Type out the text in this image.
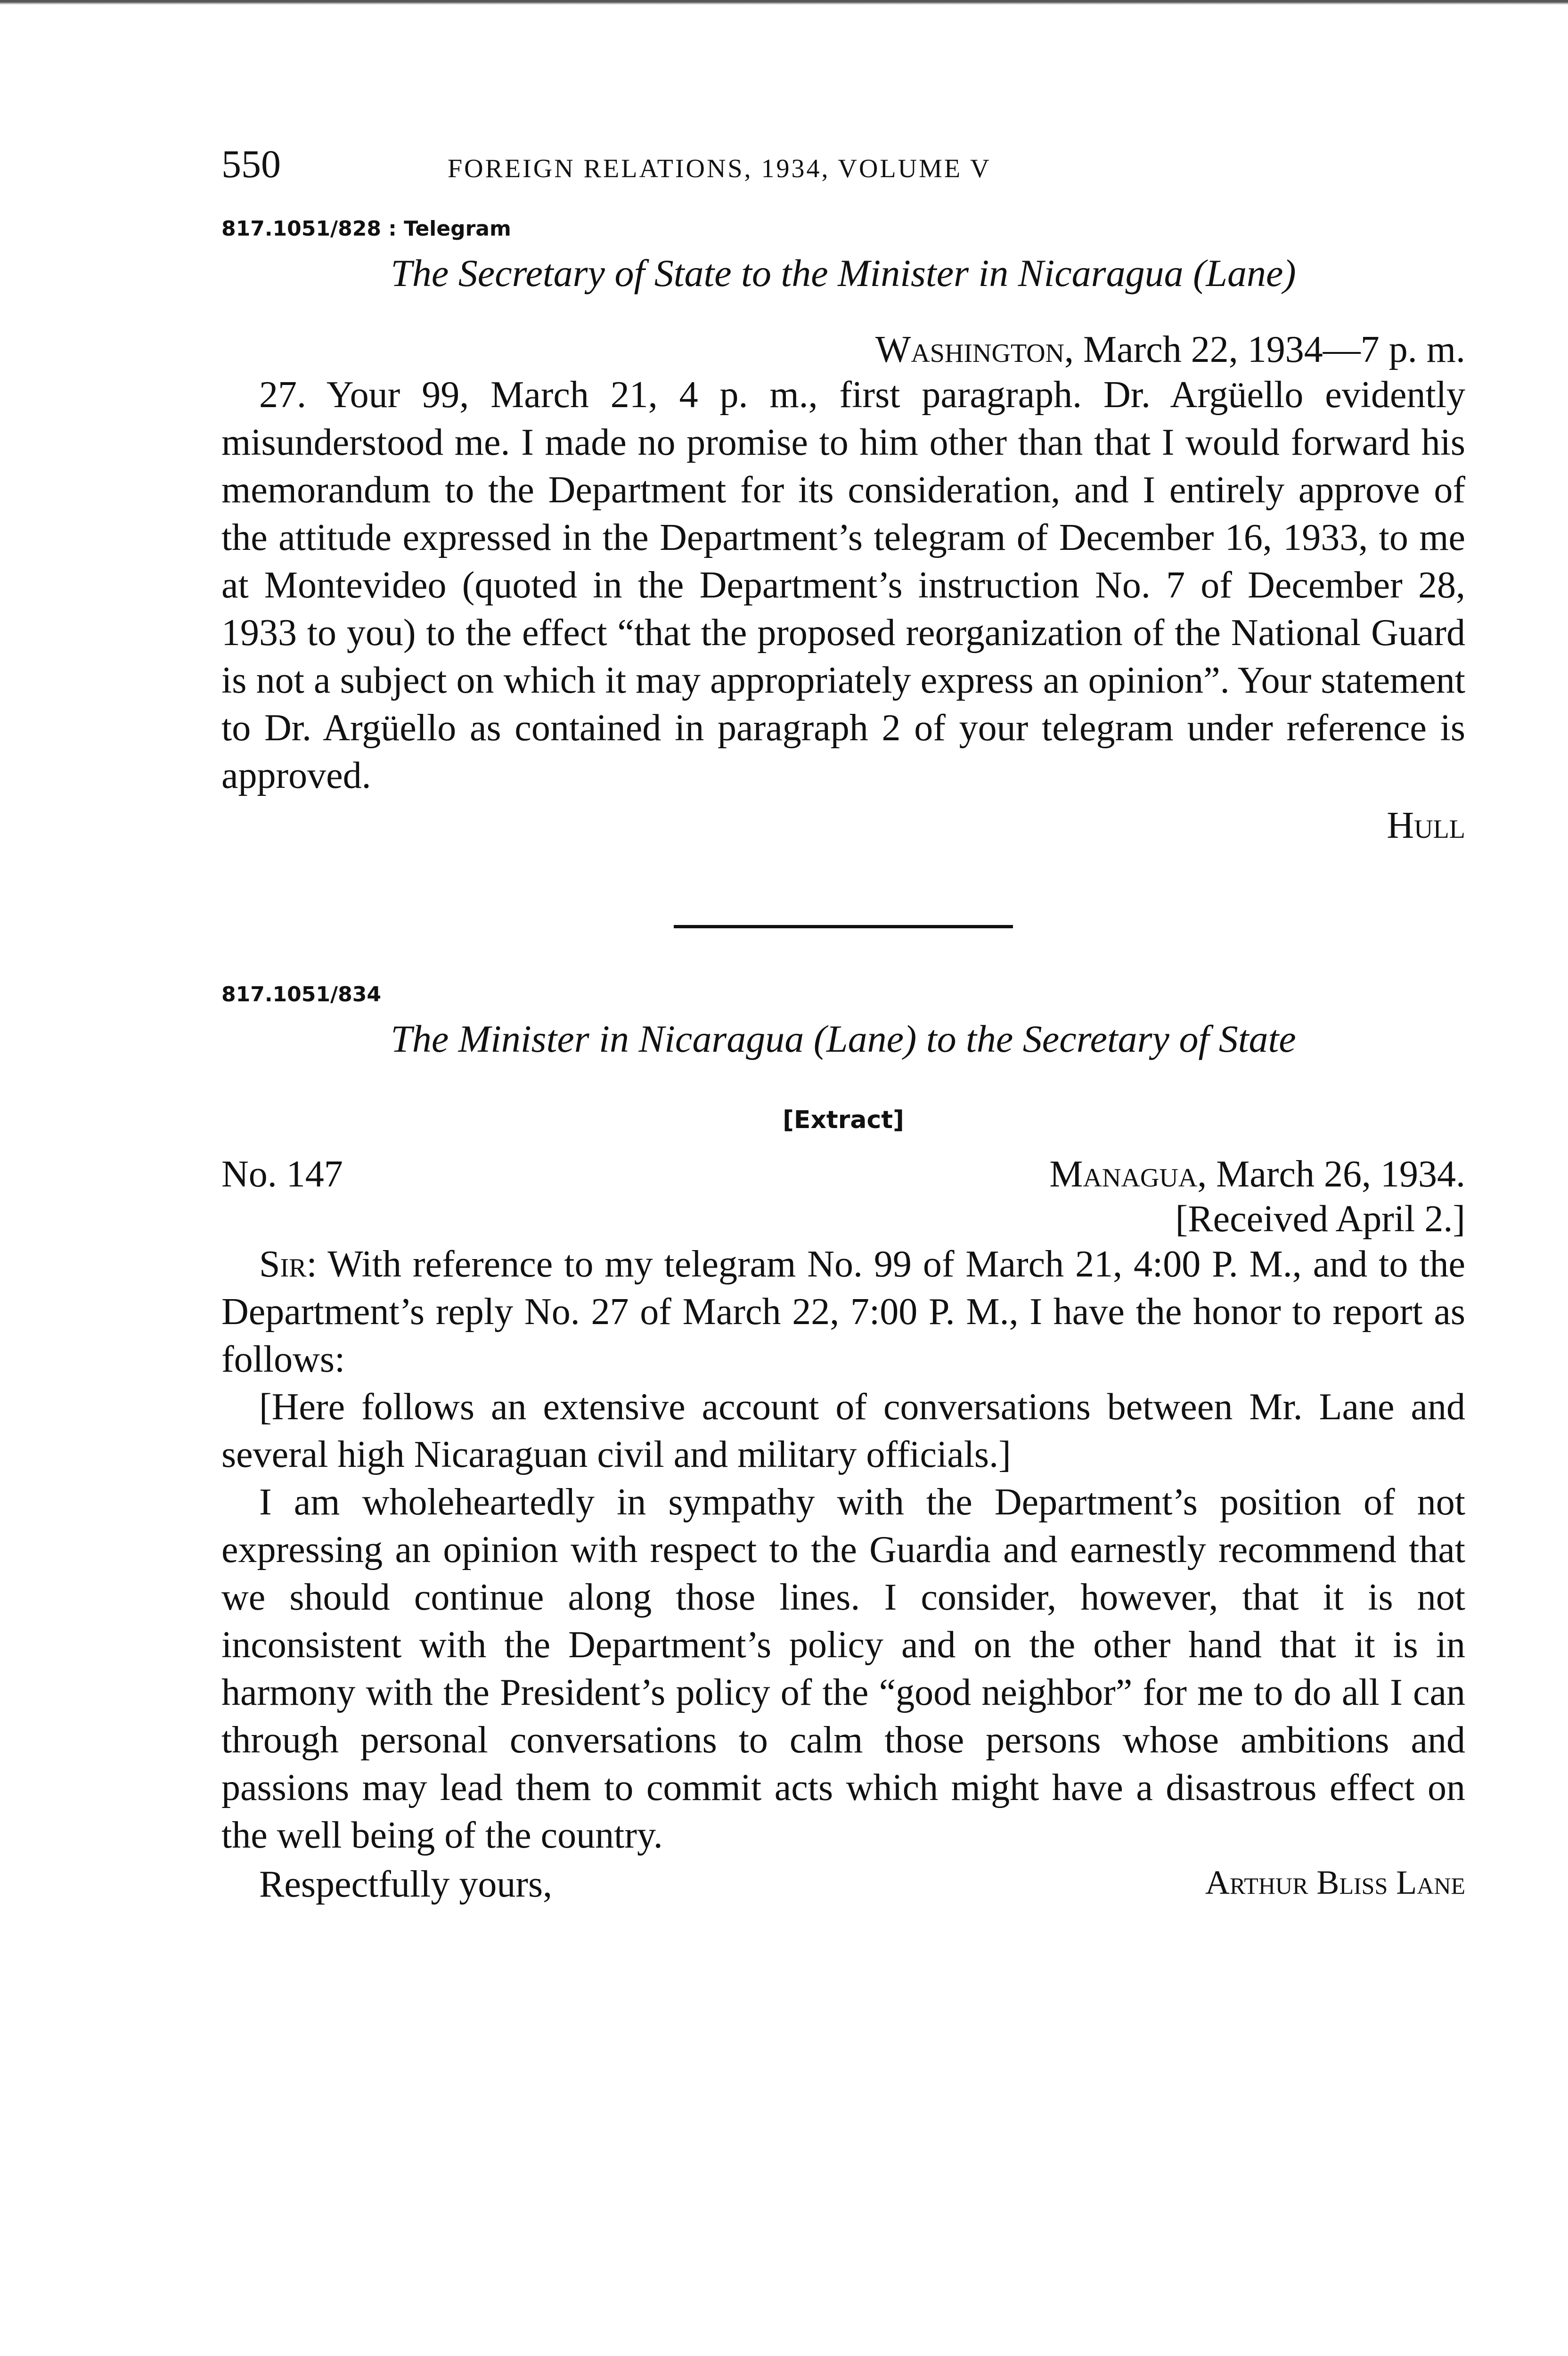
550	FOREIGN RELATIONS, 1934, VOLUME V
817.1051/828 : Telegram
The Secretary of State to the Minister in Nicaragua (Lane)
Washington, March 22, 1934—7 p. m.

27. Your 99, March 21, 4 p. m., first paragraph. Dr. Argüello evidently misunderstood me. I made no promise to him other than that I would forward his memorandum to the Department for its consideration, and I entirely approve of the attitude expressed in the Department’s telegram of December 16, 1933, to me at Montevideo (quoted in the Department’s instruction No. 7 of December 28, 1933 to you) to the effect “that the proposed reorganization of the National Guard is not a subject on which it may appropriately express an opinion”. Your statement to Dr. Argüello as contained in paragraph 2 of your telegram under reference is approved.

Hull
817.1051/834
The Minister in Nicaragua (Lane) to the Secretary of State
[Extract]
No. 147	Managua, March 26, 1934.
[Received April 2.]

Sir: With reference to my telegram No. 99 of March 21, 4:00 P. M., and to the Department’s reply No. 27 of March 22, 7:00 P. M., I have the honor to report as follows:

[Here follows an extensive account of conversations between Mr. Lane and several high Nicaraguan civil and military officials.]

I am wholeheartedly in sympathy with the Department’s position of not expressing an opinion with respect to the Guardia and earnestly recommend that we should continue along those lines. I consider, however, that it is not inconsistent with the Department’s policy and on the other hand that it is in harmony with the President’s policy of the “good neighbor” for me to do all I can through personal conversations to calm those persons whose ambitions and passions may lead them to commit acts which might have a disastrous effect on the well being of the country.

Respectfully yours,	Arthur Bliss Lane
